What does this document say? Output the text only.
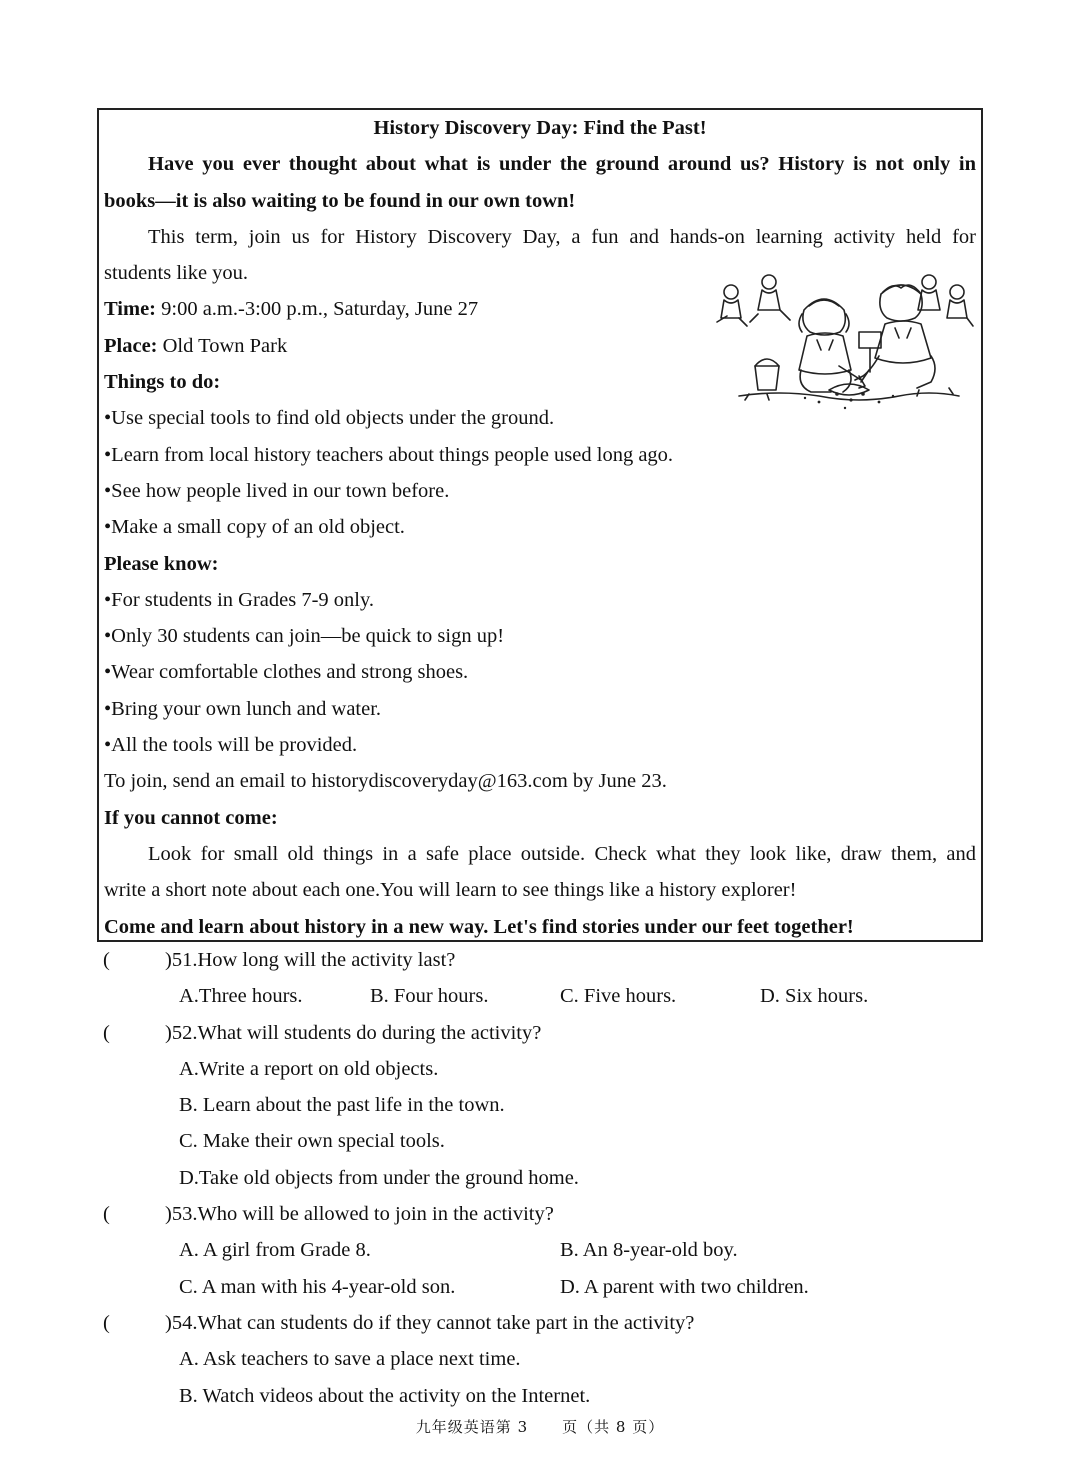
History Discovery Day: Find the Past!
Have you ever thought about what is under the ground around us? History is not only in
books—it is also waiting to be found in our own town!
This term, join us for History Discovery Day, a fun and hands-on learning activity held for
students like you.
Time: 9:00 a.m.-3:00 p.m., Saturday, June 27
Place: Old Town Park
Things to do:
•Use special tools to find old objects under the ground.
•Learn from local history teachers about things people used long ago.
•See how people lived in our town before.
•Make a small copy of an old object.
Please know:
•For students in Grades 7-9 only.
•Only 30 students can join—be quick to sign up!
•Wear comfortable clothes and strong shoes.
•Bring your own lunch and water.
•All the tools will be provided.
To join, send an email to historydiscoveryday@163.com by June 23.
If you cannot come:
Look for small old things in a safe place outside. Check what they look like, draw them, and
write a short note about each one.You will learn to see things like a history explorer!
Come and learn about history in a new way. Let's find stories under our feet together!
(	)51.How long will the activity last?
A.Three hours.	B. Four hours.	C. Five hours.	D. Six hours.
(	)52.What will students do during the activity?
A.Write a report on old objects.
B. Learn about the past life in the town.
C. Make their own special tools.
D.Take old objects from under the ground home.
(	)53.Who will be allowed to join in the activity?
A. A girl from Grade 8.	B. An 8-year-old boy.
C. A man with his 4-year-old son.	D. A parent with two children.
(	)54.What can students do if they cannot take part in the activity?
A. Ask teachers to save a place next time.
B. Watch videos about the activity on the Internet.
九年级英语第 3 页（共 8 页）
